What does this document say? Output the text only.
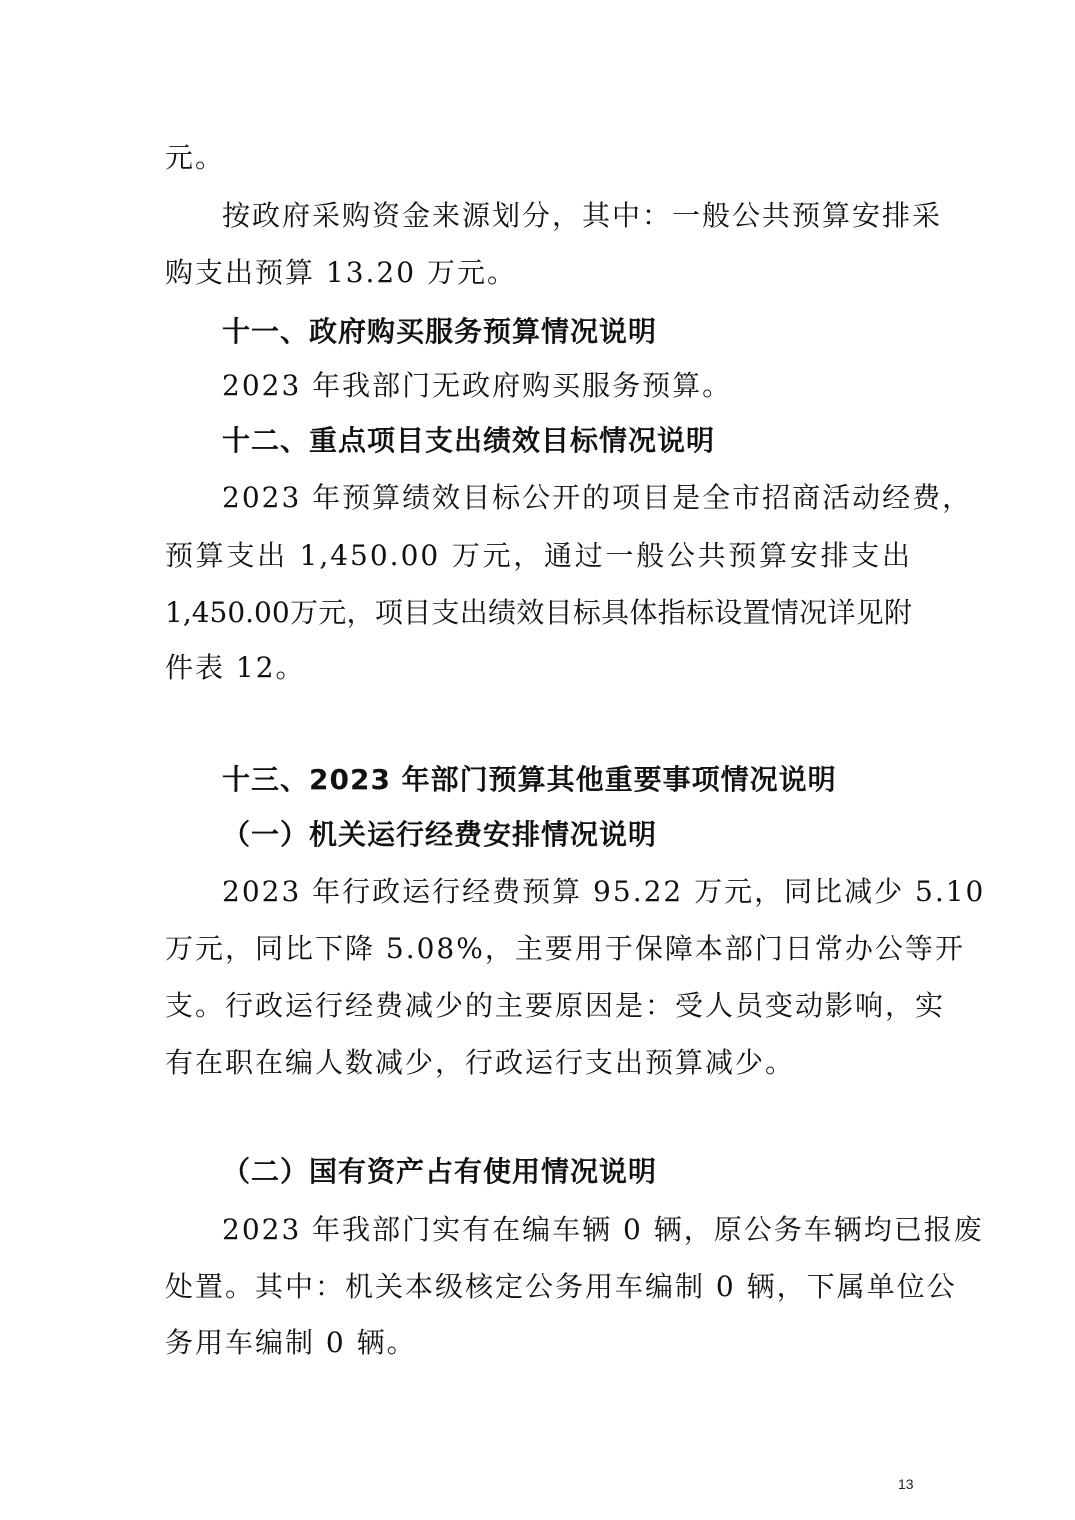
元。

按政府采购资金来源划分，其中：一般公共预算安排采

购支出预算 13.20 万元。

十一、政府购买服务预算情况说明

2023 年我部门无政府购买服务预算。

十二、重点项目支出绩效目标情况说明

2023 年预算绩效目标公开的项目是全市招商活动经费，

预算支出 1,450.00 万元，通过一般公共预算安排支出

1,450.00万元，项目支出绩效目标具体指标设置情况详见附

件表 12。

十三、2023 年部门预算其他重要事项情况说明
（一）机关运行经费安排情况说明

2023 年行政运行经费预算 95.22 万元，同比减少 5.10

万元，同比下降 5.08%，主要用于保障本部门日常办公等开

支。行政运行经费减少的主要原因是：受人员变动影响，实

有在职在编人数减少，行政运行支出预算减少。

（二）国有资产占有使用情况说明

2023 年我部门实有在编车辆 0 辆，原公务车辆均已报废

处置。其中：机关本级核定公务用车编制 0 辆，下属单位公

务用车编制 0 辆。

13
